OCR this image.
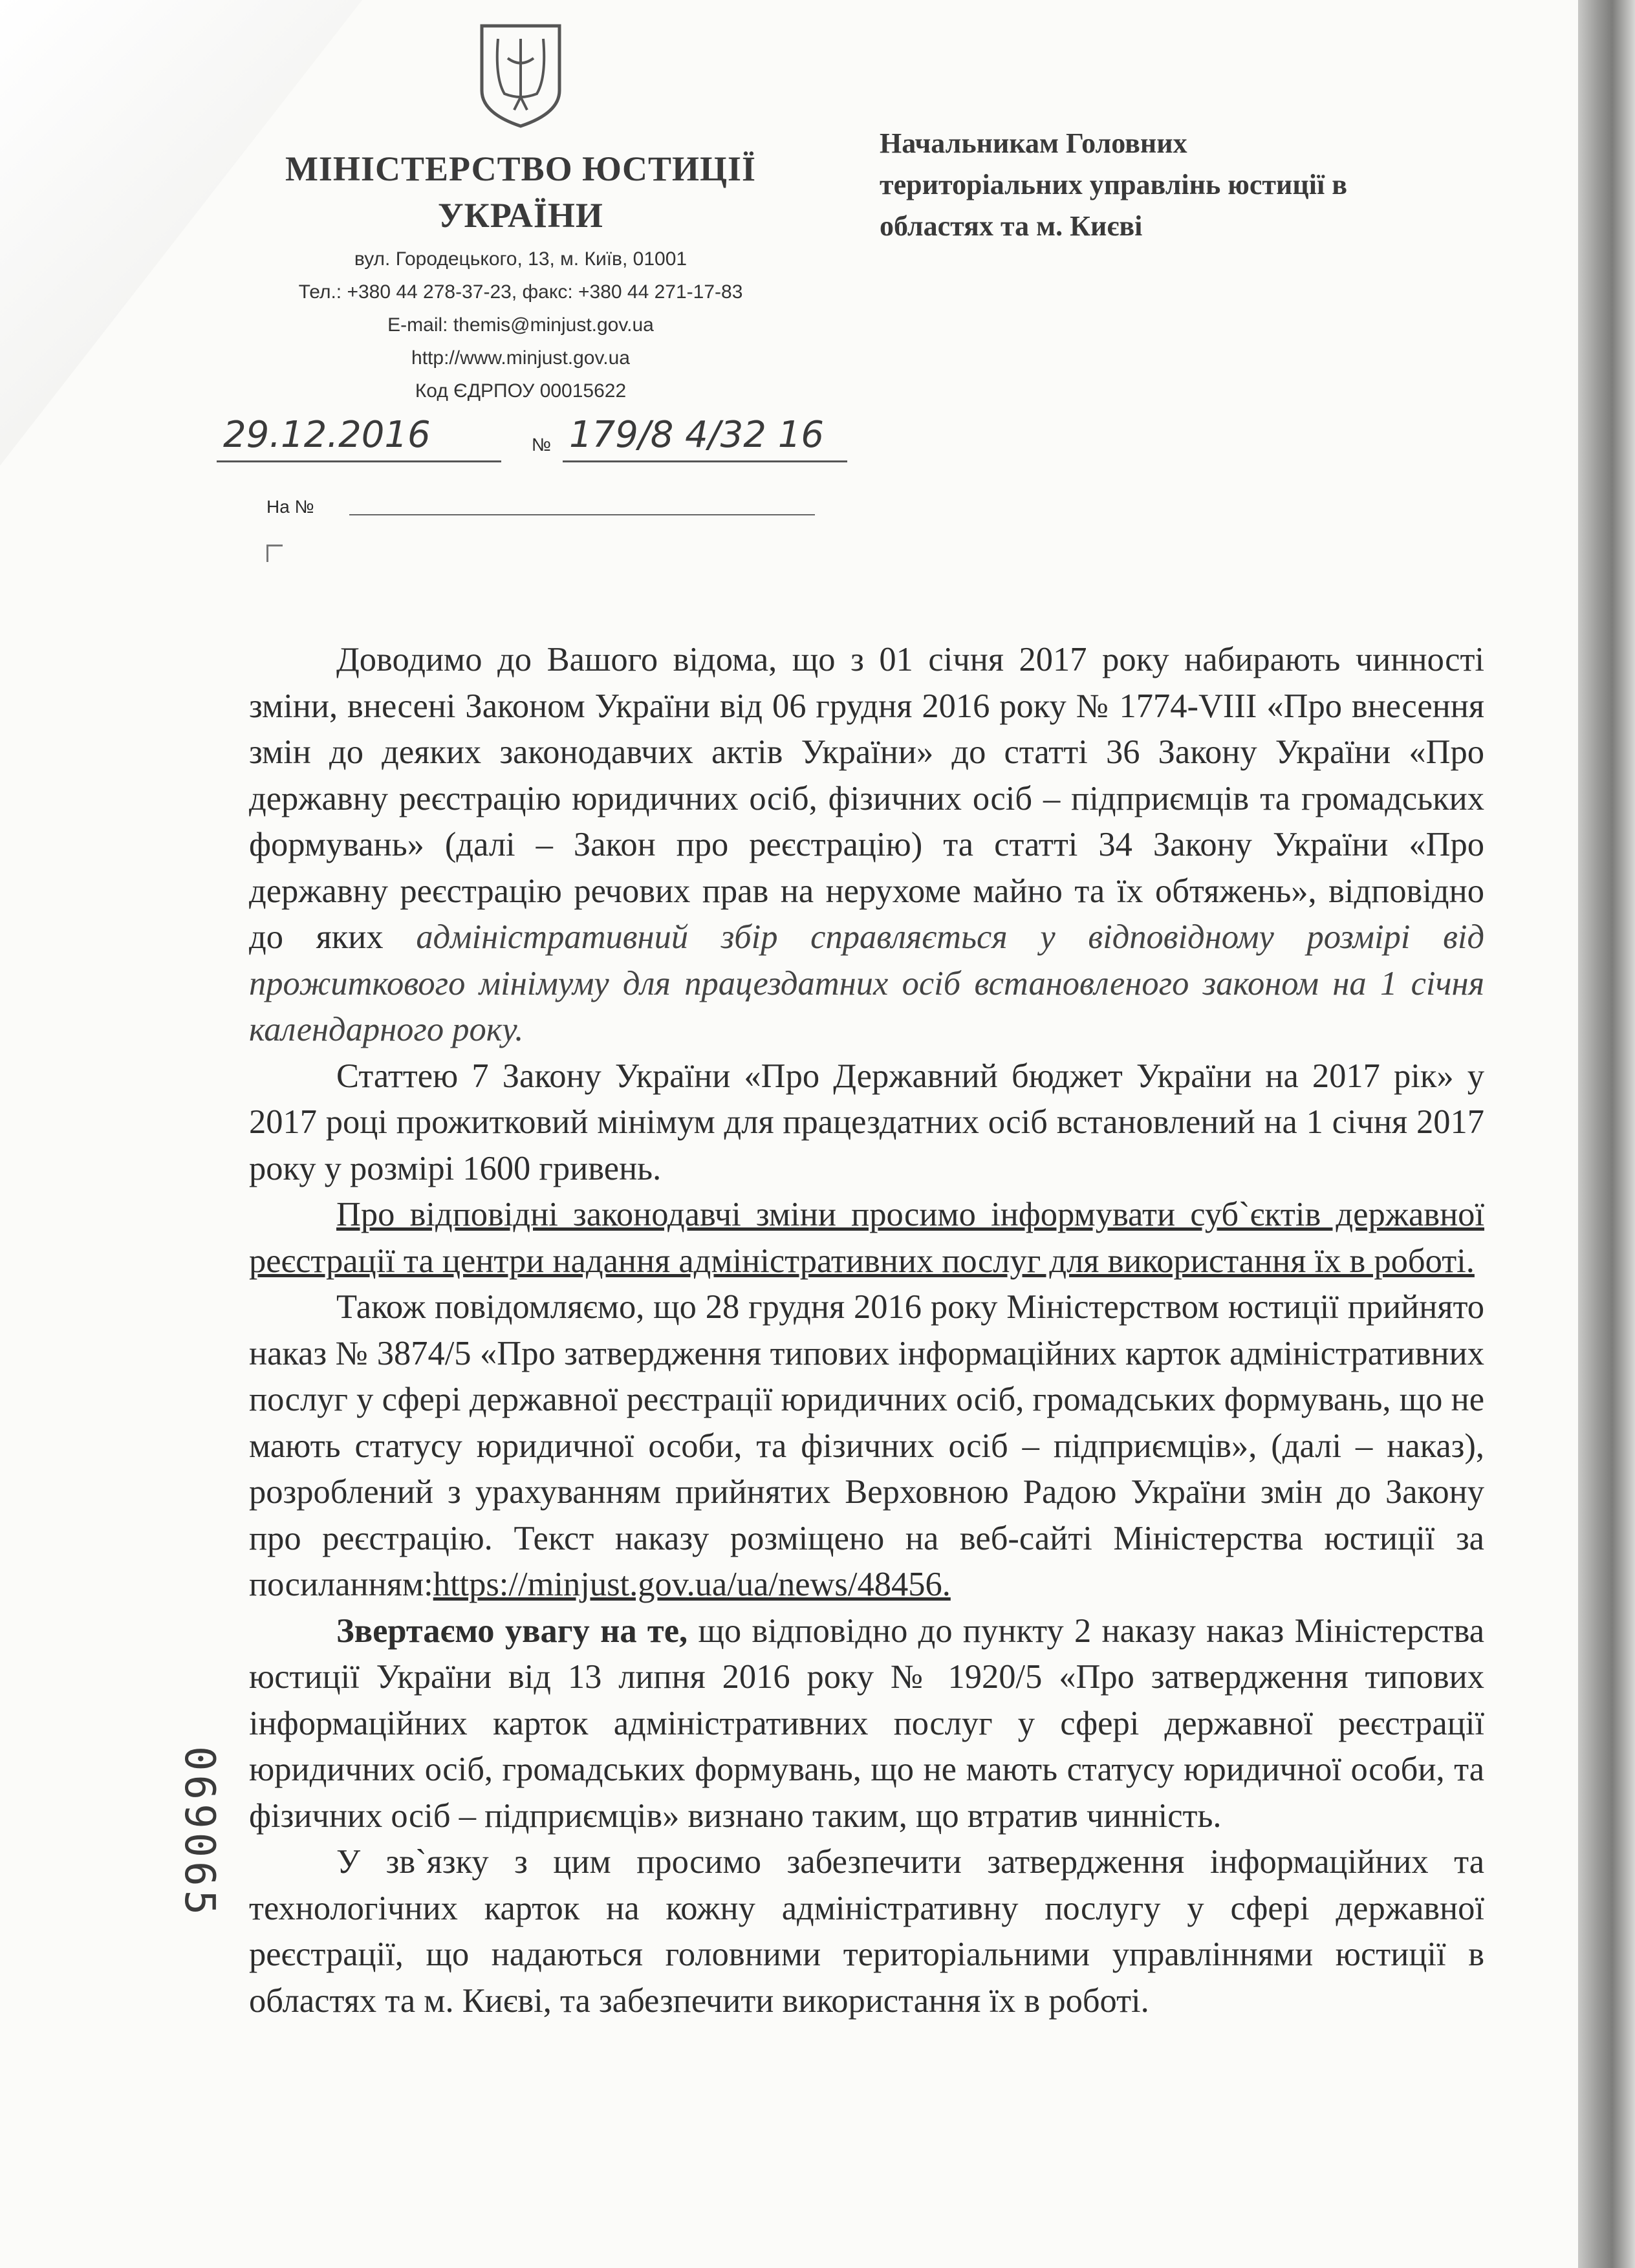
МІНІСТЕРСТВО ЮСТИЦІЇ
УКРАЇНИ
вул. Городецького, 13, м. Київ, 01001
Тел.: +380 44 278-37-23, факс: +380 44 271-17-83
E-mail: themis@minjust.gov.ua
http://www.minjust.gov.ua
Код ЄДРПОУ 00015622
Начальникам Головних
територіальних управлінь юстиції в
областях та м. Києві
29.12.2016	№ 179/8 4/32 16
На №

Доводимо до Вашого відома, що з 01 січня 2017 року набирають чинності зміни, внесені Законом України від 06 грудня 2016 року № 1774-VIII «Про внесення змін до деяких законодавчих актів України» до статті 36 Закону України «Про державну реєстрацію юридичних осіб, фізичних осіб – підприємців та громадських формувань» (далі – Закон про реєстрацію) та статті 34 Закону України «Про державну реєстрацію речових прав на нерухоме майно та їх обтяжень», відповідно до яких адміністративний збір справляється у відповідному розмірі від прожиткового мінімуму для працездатних осіб встановленого законом на 1 січня календарного року.

Статтею 7 Закону України «Про Державний бюджет України на 2017 рік» у 2017 році прожитковий мінімум для працездатних осіб встановлений на 1 січня 2017 року у розмірі 1600 гривень.

Про відповідні законодавчі зміни просимо інформувати суб`єктів державної реєстрації та центри надання адміністративних послуг для використання їх в роботі.

Також повідомляємо, що 28 грудня 2016 року Міністерством юстиції прийнято наказ № 3874/5 «Про затвердження типових інформаційних карток адміністративних послуг у сфері державної реєстрації юридичних осіб, громадських формувань, що не мають статусу юридичної особи, та фізичних осіб – підприємців», (далі – наказ), розроблений з урахуванням прийнятих Верховною Радою України змін до Закону про реєстрацію. Текст наказу розміщено на веб-сайті Міністерства юстиції за посиланням:https://minjust.gov.ua/ua/news/48456.

Звертаємо увагу на те, що відповідно до пункту 2 наказу наказ Міністерства юстиції України від 13 липня 2016 року № 1920/5 «Про затвердження типових інформаційних карток адміністративних послуг у сфері державної реєстрації юридичних осіб, громадських формувань, що не мають статусу юридичної особи, та фізичних осіб – підприємців» визнано таким, що втратив чинність.

У зв`язку з цим просимо забезпечити затвердження інформаційних та технологічних карток на кожну адміністративну послугу у сфері державної реєстрації, що надаються головними територіальними управліннями юстиції в областях та м. Києві, та забезпечити використання їх в роботі.

069065
